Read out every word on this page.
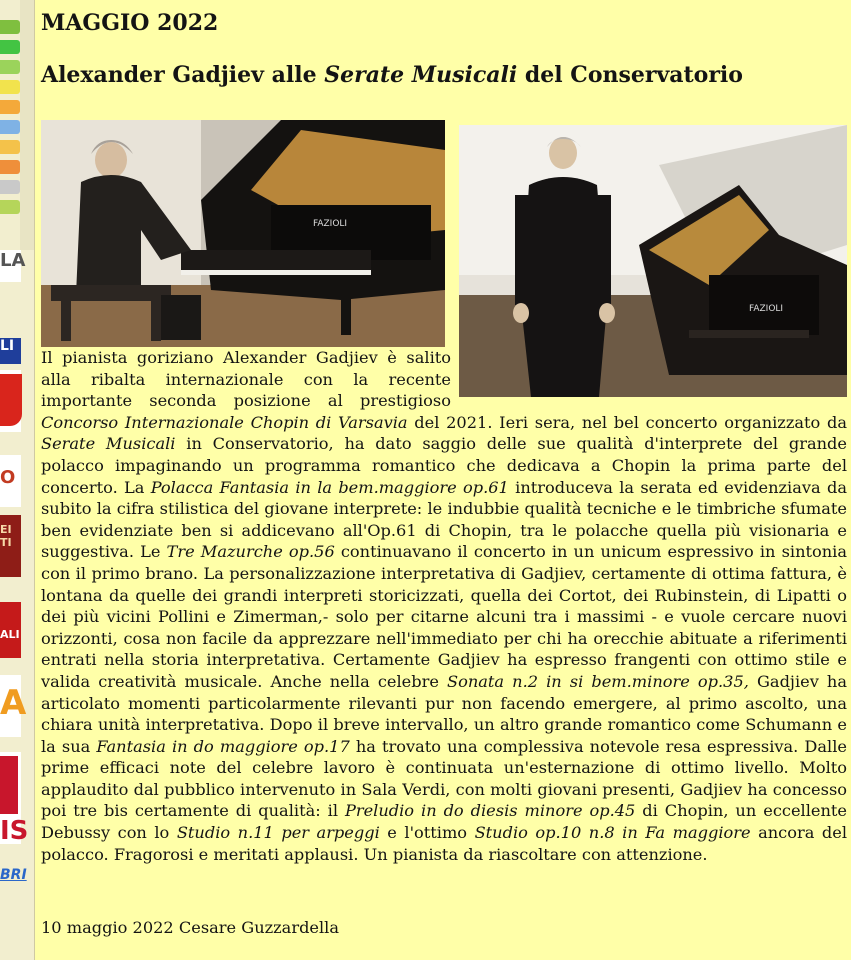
LA
LI
O
EI TI
ALI
A
IS
BRI
MAGGIO 2022
Alexander Gadjiev alle Serate Musicali del Conservatorio
FAZIOLI
FAZIOLI

Il pianista goriziano Alexander Gadjiev è salito alla ribalta internazionale con la recente importante seconda posizione al prestigioso Concorso Internazionale Chopin di Varsavia del 2021. Ieri sera, nel bel concerto organizzato da Serate Musicali in Conservatorio, ha dato saggio delle sue qualità d'interprete del grande polacco impaginando un programma romantico che dedicava a Chopin la prima parte del concerto. La Polacca Fantasia in la bem.maggiore op.61 introduceva la serata ed evidenziava da subito la cifra stilistica del giovane interprete: le indubbie qualità tecniche e le timbriche sfumate ben evidenziate ben si addicevano all'Op.61 di Chopin, tra le polacche quella più visionaria e suggestiva. Le Tre Mazurche op.56 continuavano il concerto in un unicum espressivo in sintonia con il primo brano. La personalizzazione interpretativa di Gadjiev, certamente di ottima fattura, è lontana da quelle dei grandi interpreti storicizzati, quella dei Cortot, dei Rubinstein, di Lipatti o dei più vicini Pollini e Zimerman,- solo per citarne alcuni tra i massimi - e vuole cercare nuovi orizzonti, cosa non facile da apprezzare nell'immediato per chi ha orecchie abituate a riferimenti entrati nella storia interpretativa. Certamente Gadjiev ha espresso frangenti con ottimo stile e valida creatività musicale. Anche nella celebre Sonata n.2 in si bem.minore op.35, Gadjiev ha articolato momenti particolarmente rilevanti pur non facendo emergere, al primo ascolto, una chiara unità interpretativa. Dopo il breve intervallo, un altro grande romantico come Schumann e la sua Fantasia in do maggiore op.17 ha trovato una complessiva notevole resa espressiva. Dalle prime efficaci note del celebre lavoro è continuata un'esternazione di ottimo livello. Molto applaudito dal pubblico intervenuto in Sala Verdi, con molti giovani presenti, Gadjiev ha concesso poi tre bis certamente di qualità: il Preludio in do diesis minore op.45 di Chopin, un eccellente Debussy con lo Studio n.11 per arpeggi e l'ottimo Studio op.10 n.8 in Fa maggiore ancora del polacco. Fragorosi e meritati applausi. Un pianista da riascoltare con attenzione.

10 maggio 2022 Cesare Guzzardella
